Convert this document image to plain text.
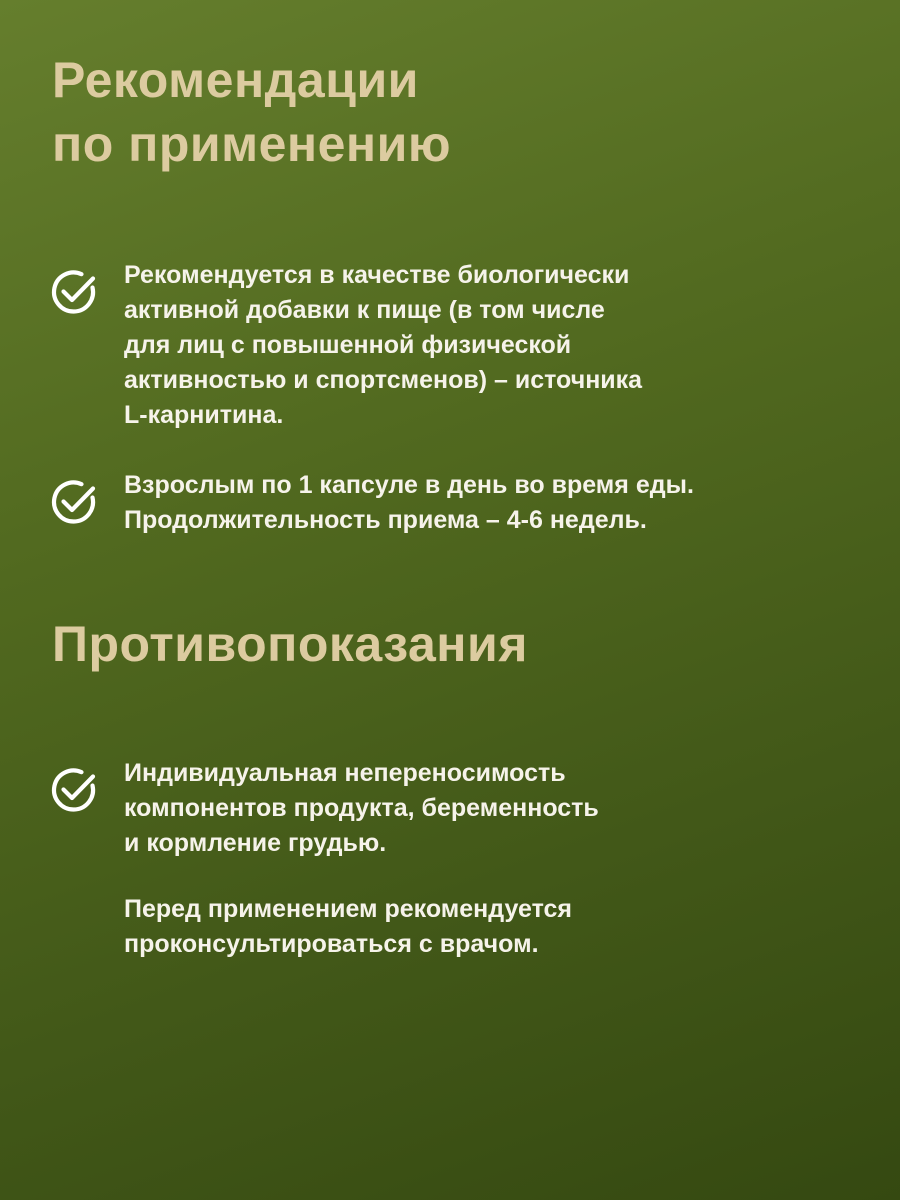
Рекомендации
по применению

Рекомендуется в качестве биологически
активной добавки к пище (в том числе
для лиц с повышенной физической
активностью и спортсменов) – источника
L-карнитина.

Взрослым по 1 капсуле в день во время еды.
Продолжительность приема – 4-6 недель.

Противопоказания

Индивидуальная непереносимость
компонентов продукта, беременность
и кормление грудью.

Перед применением рекомендуется
проконсультироваться с врачом.
